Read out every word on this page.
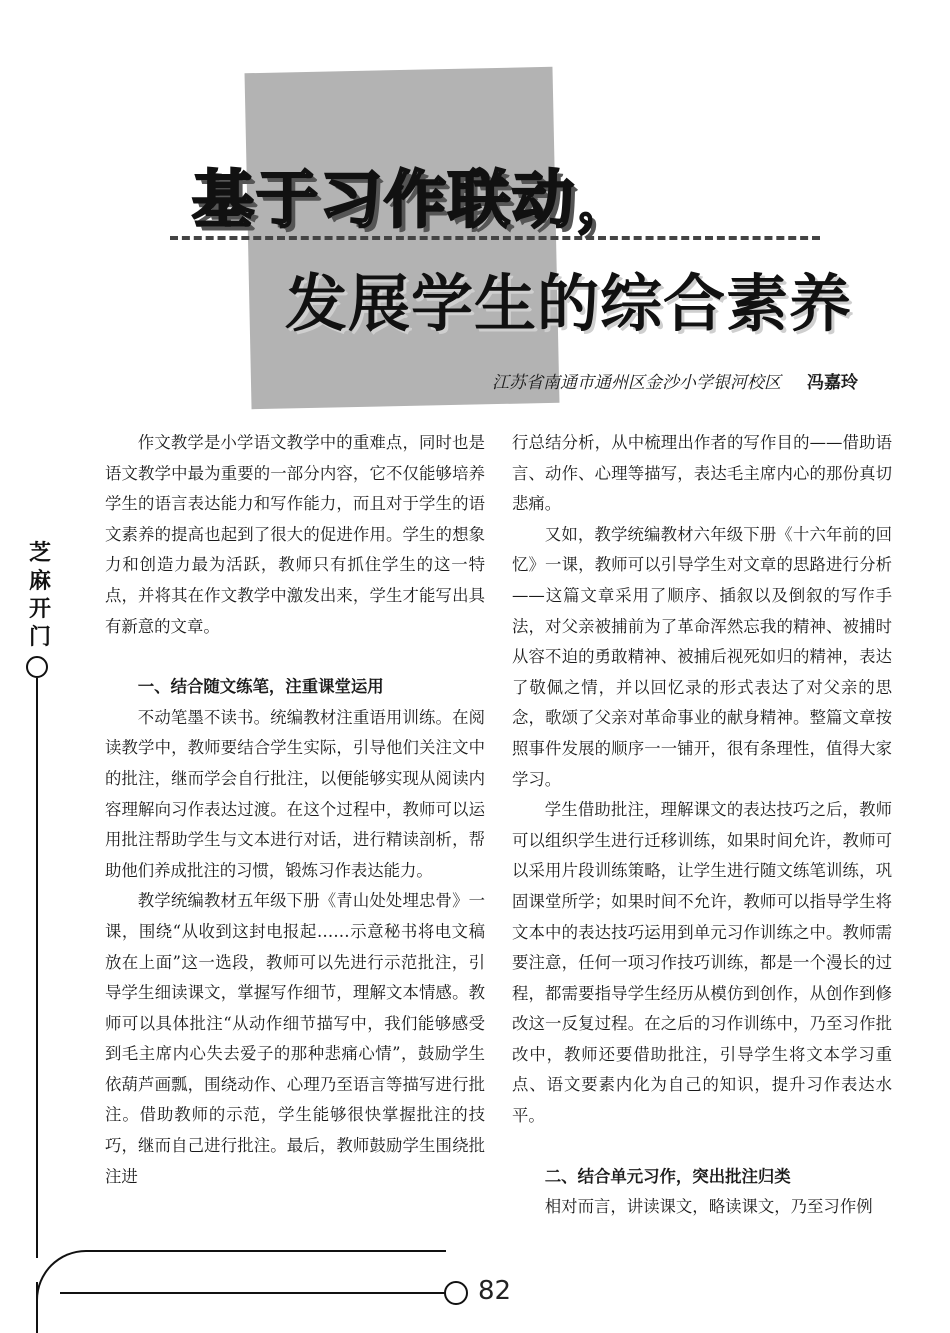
基于习作联动，
发展学生的综合素养
江苏省南通市通州区金沙小学银河校区 冯嘉玲
芝麻开门
82

作文教学是小学语文教学中的重难点，同时也是语文教学中最为重要的一部分内容，它不仅能够培养学生的语言表达能力和写作能力，而且对于学生的语文素养的提高也起到了很大的促进作用。学生的想象力和创造力最为活跃，教师只有抓住学生的这一特点，并将其在作文教学中激发出来，学生才能写出具有新意的文章。

一、结合随文练笔，注重课堂运用

不动笔墨不读书。统编教材注重语用训练。在阅读教学中，教师要结合学生实际，引导他们关注文中的批注，继而学会自行批注，以便能够实现从阅读内容理解向习作表达过渡。在这个过程中，教师可以运用批注帮助学生与文本进行对话，进行精读剖析，帮助他们养成批注的习惯，锻炼习作表达能力。

教学统编教材五年级下册《青山处处埋忠骨》一课，围绕“从收到这封电报起……示意秘书将电文稿放在上面”这一选段，教师可以先进行示范批注，引导学生细读课文，掌握写作细节，理解文本情感。教师可以具体批注“从动作细节描写中，我们能够感受到毛主席内心失去爱子的那种悲痛心情”，鼓励学生依葫芦画瓢，围绕动作、心理乃至语言等描写进行批注。借助教师的示范，学生能够很快掌握批注的技巧，继而自己进行批注。最后，教师鼓励学生围绕批注进

行总结分析，从中梳理出作者的写作目的——借助语言、动作、心理等描写，表达毛主席内心的那份真切悲痛。

又如，教学统编教材六年级下册《十六年前的回忆》一课，教师可以引导学生对文章的思路进行分析——这篇文章采用了顺序、插叙以及倒叙的写作手法，对父亲被捕前为了革命浑然忘我的精神、被捕时从容不迫的勇敢精神、被捕后视死如归的精神，表达了敬佩之情，并以回忆录的形式表达了对父亲的思念，歌颂了父亲对革命事业的献身精神。整篇文章按照事件发展的顺序一一铺开，很有条理性，值得大家学习。

学生借助批注，理解课文的表达技巧之后，教师可以组织学生进行迁移训练，如果时间允许，教师可以采用片段训练策略，让学生进行随文练笔训练，巩固课堂所学；如果时间不允许，教师可以指导学生将文本中的表达技巧运用到单元习作训练之中。教师需要注意，任何一项习作技巧训练，都是一个漫长的过程，都需要指导学生经历从模仿到创作，从创作到修改这一反复过程。在之后的习作训练中，乃至习作批改中，教师还要借助批注，引导学生将文本学习重点、语文要素内化为自己的知识，提升习作表达水平。

二、结合单元习作，突出批注归类

相对而言，讲读课文，略读课文，乃至习作例
